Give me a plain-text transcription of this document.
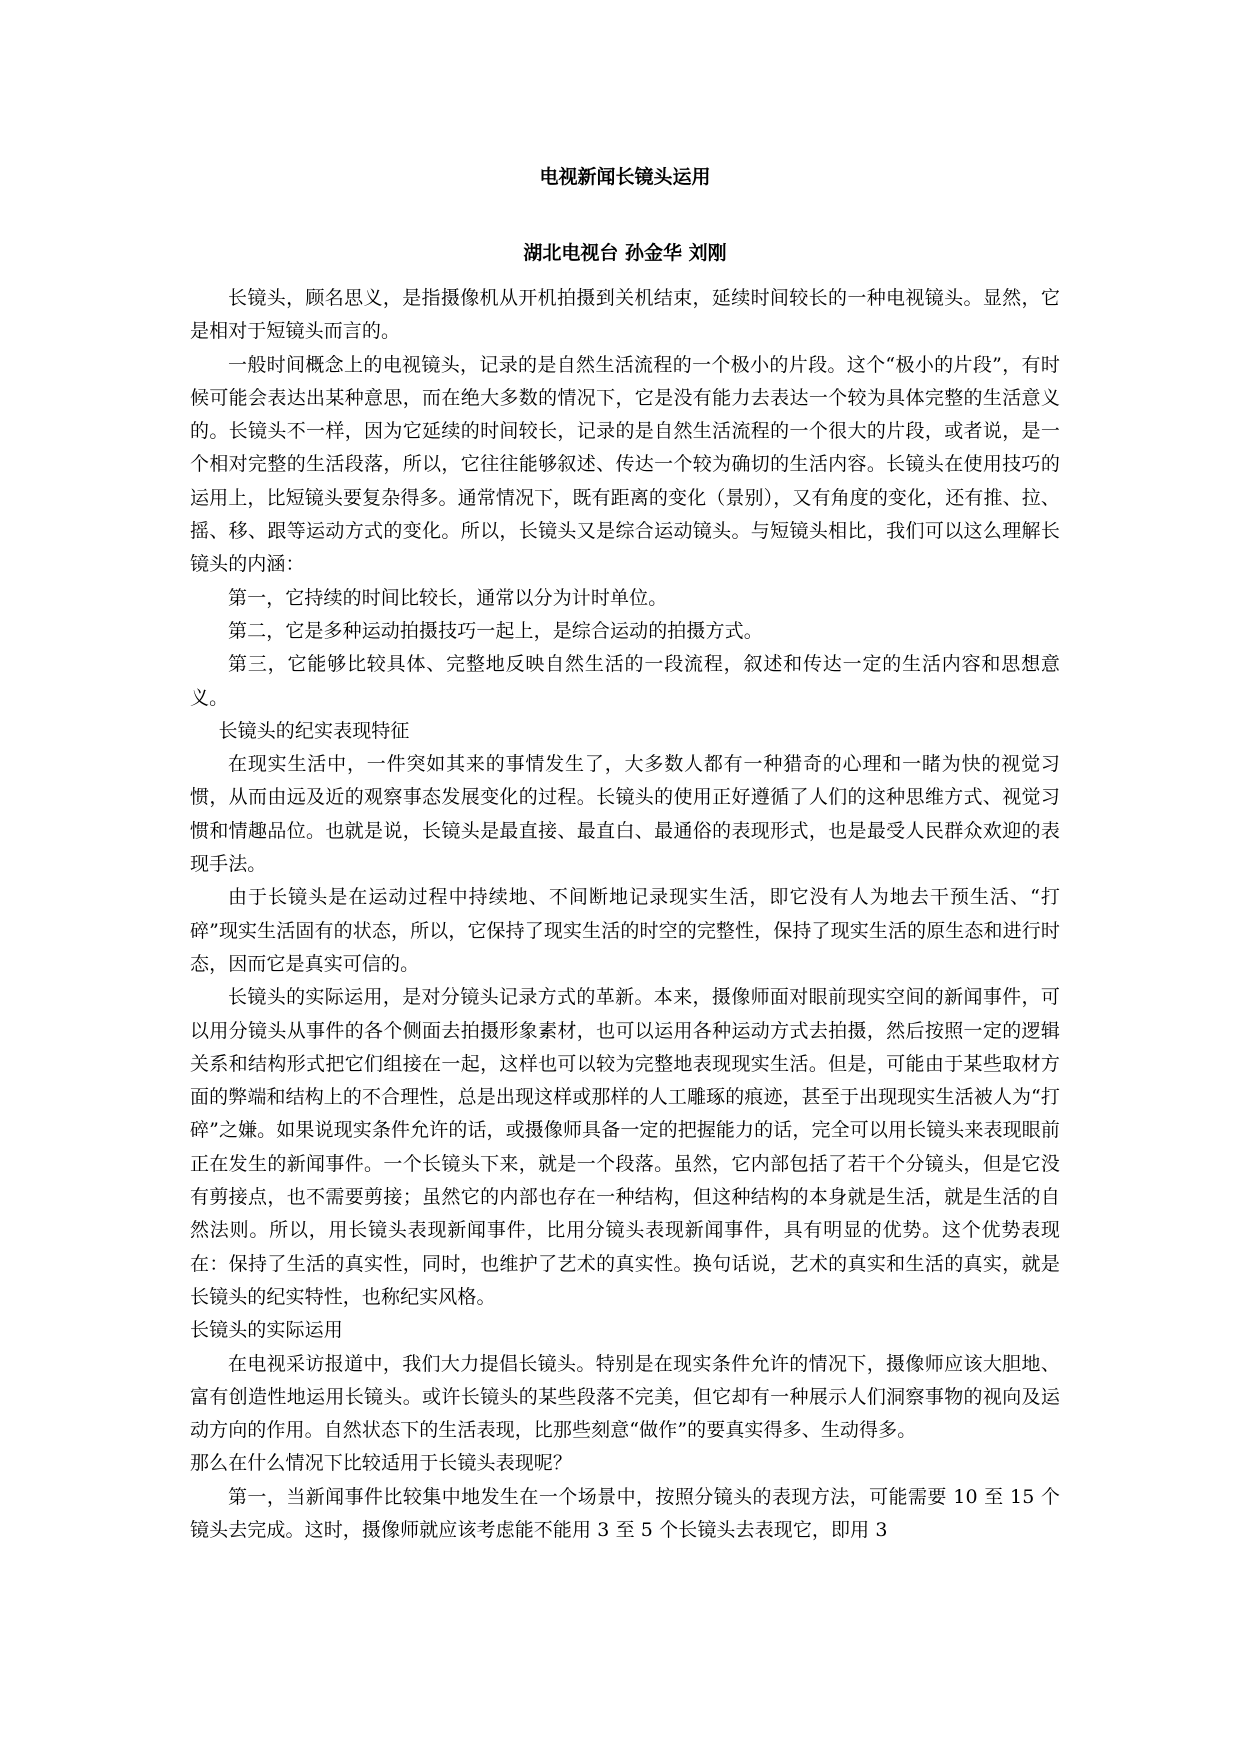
电视新闻长镜头运用
湖北电视台 孙金华 刘刚

长镜头，顾名思义，是指摄像机从开机拍摄到关机结束，延续时间较长的一种电视镜头。显然，它是相对于短镜头而言的。

一般时间概念上的电视镜头，记录的是自然生活流程的一个极小的片段。这个“极小的片段”，有时候可能会表达出某种意思，而在绝大多数的情况下，它是没有能力去表达一个较为具体完整的生活意义的。长镜头不一样，因为它延续的时间较长，记录的是自然生活流程的一个很大的片段，或者说，是一个相对完整的生活段落，所以，它往往能够叙述、传达一个较为确切的生活内容。长镜头在使用技巧的运用上，比短镜头要复杂得多。通常情况下，既有距离的变化（景别），又有角度的变化，还有推、拉、摇、移、跟等运动方式的变化。所以，长镜头又是综合运动镜头。与短镜头相比，我们可以这么理解长镜头的内涵：

第一，它持续的时间比较长，通常以分为计时单位。

第二，它是多种运动拍摄技巧一起上，是综合运动的拍摄方式。

第三，它能够比较具体、完整地反映自然生活的一段流程，叙述和传达一定的生活内容和思想意义。

长镜头的纪实表现特征

在现实生活中，一件突如其来的事情发生了，大多数人都有一种猎奇的心理和一睹为快的视觉习惯，从而由远及近的观察事态发展变化的过程。长镜头的使用正好遵循了人们的这种思维方式、视觉习惯和情趣品位。也就是说，长镜头是最直接、最直白、最通俗的表现形式，也是最受人民群众欢迎的表现手法。

由于长镜头是在运动过程中持续地、不间断地记录现实生活，即它没有人为地去干预生活、“打碎”现实生活固有的状态，所以，它保持了现实生活的时空的完整性，保持了现实生活的原生态和进行时态，因而它是真实可信的。

长镜头的实际运用，是对分镜头记录方式的革新。本来，摄像师面对眼前现实空间的新闻事件，可以用分镜头从事件的各个侧面去拍摄形象素材，也可以运用各种运动方式去拍摄，然后按照一定的逻辑关系和结构形式把它们组接在一起，这样也可以较为完整地表现现实生活。但是，可能由于某些取材方面的弊端和结构上的不合理性，总是出现这样或那样的人工雕琢的痕迹，甚至于出现现实生活被人为“打碎”之嫌。如果说现实条件允许的话，或摄像师具备一定的把握能力的话，完全可以用长镜头来表现眼前正在发生的新闻事件。一个长镜头下来，就是一个段落。虽然，它内部包括了若干个分镜头，但是它没有剪接点，也不需要剪接；虽然它的内部也存在一种结构，但这种结构的本身就是生活，就是生活的自然法则。所以，用长镜头表现新闻事件，比用分镜头表现新闻事件，具有明显的优势。这个优势表现在：保持了生活的真实性，同时，也维护了艺术的真实性。换句话说，艺术的真实和生活的真实，就是长镜头的纪实特性，也称纪实风格。

长镜头的实际运用

在电视采访报道中，我们大力提倡长镜头。特别是在现实条件允许的情况下，摄像师应该大胆地、富有创造性地运用长镜头。或许长镜头的某些段落不完美，但它却有一种展示人们洞察事物的视向及运动方向的作用。自然状态下的生活表现，比那些刻意“做作”的要真实得多、生动得多。

那么在什么情况下比较适用于长镜头表现呢？

第一，当新闻事件比较集中地发生在一个场景中，按照分镜头的表现方法，可能需要 10 至 15 个镜头去完成。这时，摄像师就应该考虑能不能用 3 至 5 个长镜头去表现它，即用 3
